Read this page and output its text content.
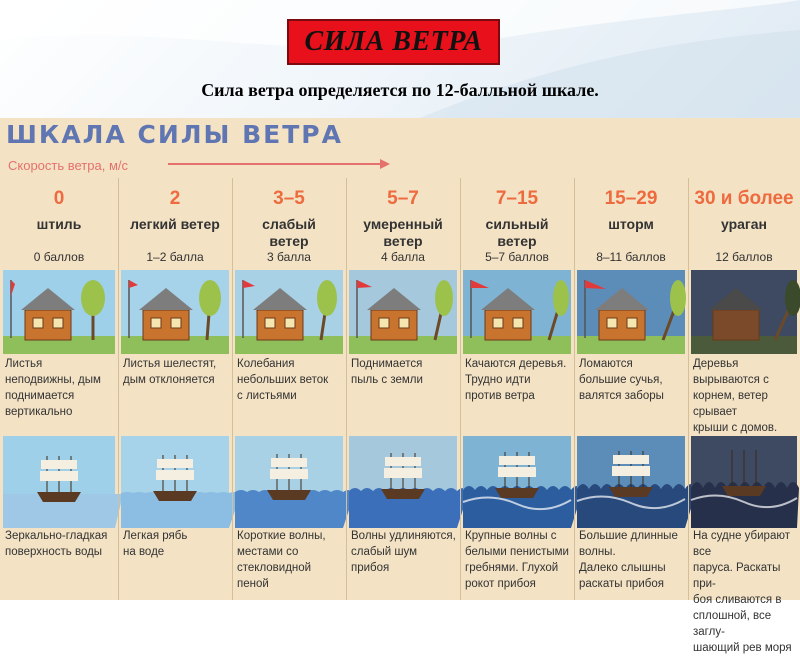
СИЛА ВЕТРА
Сила ветра определяется по 12-балльной шкале.
ШКАЛА СИЛЫ ВЕТРА
Скорость ветра, м/с
0
штиль
0 баллов
Листья
неподвижны, дым
поднимается
вертикально
Зеркально-гладкая
поверхность воды
2
легкий ветер
1–2 балла
Листья шелестят,
дым отклоняется
Легкая рябь
на воде
3–5
слабый
ветер
3 балла
Колебания
небольших веток
с листьями
Короткие волны,
местами со
стекловидной
пеной
5–7
умеренный
ветер
4 балла
Поднимается
пыль с земли
Волны удлиняются,
слабый шум
прибоя
7–15
сильный
ветер
5–7 баллов
Качаются деревья.
Трудно идти
против ветра
Крупные волны с
белыми пенистыми
гребнями. Глухой
рокот прибоя
15–29
шторм
8–11 баллов
Ломаются
большие сучья,
валятся заборы
Большие длинные
волны.
Далеко слышны
раскаты прибоя
30 и более
ураган
12 баллов
Деревья вырываются с
корнем, ветер срывает
крыши с домов.

На судне убирают все
паруса. Раскаты при-
боя сливаются в
сплошной, все заглу-
шающий рев моря
